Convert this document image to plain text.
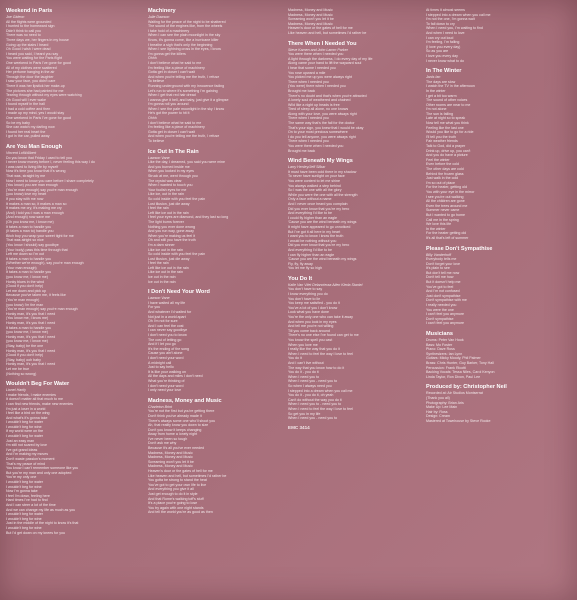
Weekend in Paris
Joe Gideon
All the flights were grounded
I hurried to the homeward sign
Didn't think to call you
There was no need to
Three days we, her fingers in my house
Going up the stairs I heard
Oh Good I wish I were dead
I heard you said, I heard you say
You were waiting for the Paris flight
One weekend in Paris I've gone for good
All of my clothes were scattered
Her perfume hanging in the air
Through the door the laughter
I saw your face, you didn't care
There it was her lipstick her make-up
The pictures she had painted for me
Tearing through without my eyes were watching
Oh Good will I ever wake
I found myself in the hall
I had a cold coffee and then
I made up my mind, yes I would stay
One weekend in Paris I've gone for good
So be my baby
She can watch my darling now
I found her real heart the
I got in the car, pulled away
Are You Man Enough
Vincent Lofit/Albert
Do you know that Friday I used to tell you
I never know money before I, never feeling this way I do
I was used to living life by myself
Now it's time you know that it's wrong
That was, straight by me
Now I need to know you care before I share completely
(You know) you are man enough
(You're man enough) say you're man enough
(you know) love my heart
If you stay with me now
It makes a man so, it makes a man so
It makes me cry, it's making me cry
(And) I told you I was a man enough
(And enough) now save me
(Oh you know me, I know me)
It takes a man to handle you
(It takes a man to) handle you
Bitch boy you wrap your sweet tight for me
That was alright so nice
(You know I should) say goodbye
(Your body) pass this time through that
Left me down so I'm out
It takes a man to handle you
(Whether we're enough), say you're man enough
(Your man enough)
It takes a man to handle you
(you know me, I know me)
Honky blues in the wind
(Good if you don't help)
Let me down and pick up
Because you've taken me, it feels like
(You're man enough)
(you know) I'm the man
(You're man enough) say you're man enough
Honky man, it's you that I need
(You know me, I know me)
Honky man, it's you that I need
It takes a man to handle you
(you know me, I know me)
Honky man, it's you that I need
(you know me, I know me)
(Stay, baby) be the one
Honky man, it's you that I need
(Good if you don't help)
(Stay, baby) ooh baby
Honky man, it's you that I need
Let me be true
(Nothing so wrong)
Wouldn't Beg For Water
Lionel Hartly
I make friends, I make enemies
It doesn't matter all that much to me
I can find new friends, make new enemies
I'm just a loser in a world
I feel like a bird on the wing
And what's it's gonna take
I wouldn't beg for water
I wouldn't beg for wine
If my world were on fire
I wouldn't beg for water
Just an easy man
I'm still not scared by love
I've got grand ideas
And I'm making my moves
Don't waste passion's moment
That's my peace of mind
You know I can't remember someone like you
But you're my man and only one adopted
You're my only one
I wouldn't beg for water
I wouldn't beg for wine
Now I'm gonna take
I feel I'm down, feeling here
Hard times I've had to find
And I can steer a lot of the time
And we can change my life as much as you
I wouldn't beg for water
I wouldn't beg for wine
Just in the middle of the night to know it's that
I wouldn't beg for wine
But I'd get down on my knees for you
Machinery
Julie Dawson
Waiting for the peace of the night to be shattered
The sound of the engines like, from the wheels
I take hold of a machinery
When I can see the plain moonlight in the sky
Know, it's gonna come, like a hurricane killer
I breathe a sigh that's only the beginning
When I see lightning cross in the eyes, I know
I'm gonna get the killers
Ohhh
I don't believe what he said to me
I'm feeling like a piece of machinery
Gotta get in closer I can't wait
And when you're telling me the truth, I refuse
To believe
Running underground with my innocence fading
Let's run to where it's something I'm gaining
When I get that red hair dread
I wanna give it hell, and baby, just give it a glimpse
I'm gonna roll you around
When I see the pale moonlight in the sky I know
He's got the power to hit it
Ohhh
I don't believe what he said to me
I'm feeling like a piece of machinery
Gotta get in closer I can't wait
And when you're telling me the truth, I refuse
To believe
Ice Out In The Rain
Lawson Vane
Like the day, I dreamed, you said you were mine
And you burned inside me
When you looked in my eyes
Struck at me, went through you
The crystal was clear
When I wanted to touch you
Your foolish eyes for me
Like ice, out in the rain
So cold inside with you feel the pain
Lost illusion, just die away
I feel the rain
Left like ice out in the rain
I feel your eyes are diamond, and they last so long
The light burns forever
Nothing you ever done wrong
And you run way, gone away
When you're making us feel it
Oh and still you have the truth
I'm a darn sinner
Like ice out in the rain
So cold inside with you feel the pain
Lost illusion, just die away
I feel the rain
Left like ice out in the rain
Like ice out in the rain
Ice out in the rain
Ice out in the rain
I Don't Need Your Word
Lawson Vane
I have waited all my life
For you
And whatever I'd waited for
Not just in a world apart
Oh I'm not for sure
And I can feel the cost
I can never say goodbye
I don't need you to know
The cost of letting go
And if I let you go
It's the ending of the song
Cause you ain't alone
I don't need your word
A midnight call
Just to say hello
It is like your walking on
All the days and miles I don't need
What you're thinking of
I don't need your word
I only need your love
Madness, Money and Music
Charleton Brint
You're not the first but you're getting there
Don't think you've already made it
There's always some one who'll shoot you
Ah, that reality know you down to size
Don't you know it keeps changing
Away from home a lonely night
I've never been so tough
Don't ask me why
Because it's all you've ever needed
Madness, Money and Music
Madness, Money and Music
Screaming won't you let it be
Madness, Money and Music
Heaven's door or the gates of hell for me
Like heaven and hell, but sometimes I'd rather be
You gotta be strong to stand the heat
You've got to get your own life to live
And everything you give it all
Just get enough to do it in style
And that Rome's walking toff's stuff
It's a place you're going to lose
You try again with one night stands
And tell the world you're as good as then
Madness, Money and Music
Madness, Money and Music
Screaming won't you let it be
Madness, Money and Music
Heaven's door or the gates of hell for me
Like heaven and hell, but sometimes I'd rather be
There When I Needed You
Steve Kamen and John Lamm Parker
You were there when I needed you
A light through the darkness, I do every day of my life
Along came your hand to lift the wayward soul
I hear that some I needed you
You rose upward a mile
You picked me up you were always right
There when I needed you
(You were) there when I needed you
Brought me back
There's no doubt and that's when you're attracted
A lonely soul of weathered and chained
Wild like a night up heads is free
Tired of sleep all alone, no one knows
Along with your love, you were always right
There when I needed you
The same way that's the fall for the doctor
That's your sign, you knew that I would be okay
On to your most precious somewhere
I do you tell anyone, you were always right
There when I needed you
You were there when I needed you
Brought me back
Wind Beneath My Wings
Larry Henley/Jeff Silbar
It must have been cold there in my shadow
To never have sunlight on your face
You were content to let me shine
You always walked a step behind
So I was the one with all the glory
While you were the one with all the strength
Only a face without a name
And I never once heard you complain
Did you ever know that you're my hero
And everything I'd like to be
I could fly higher than an eagle
'Cause you are the wind beneath my wings
It might have appeared to go unnoticed
But I've got it all here in my heart
I want you to know I know the truth
I would be nothing without you
Did you ever know that you're my hero
And everything I'd like to be
I can fly higher than an eagle
'Cause you are the wind beneath my wings
Fly, fly, fly away
You let me fly so high
You Do It
Kalle Van Vliet Delancieraa Allen Kleda Staniel
You don't have to say
I know everything you do
You don't have to lie
You keep me satisfied - you do it
You've a lot of you I don't know
Look what you have done
You're the only one who can take it away
And when you look in my eyes
And tell me you're not willing
Till you come back around
There's no one else I've found can get to me
You know the spell you cast
When you love me
I really like the way that you do it
When I need to feel the way I love to feel
You do it
And I can't live without
The way that you know how to do it
You do it - you do it
When I need you to
When I need you - need you to
So when I always need you
I stepped into a dream when you call me
You do it - you do it, oh yeah
Can't do without the way you do it
When I need you to - need you to
When I need to feel the way I love to feel
So get you in my life
When I need you - need you to
EMC 3414
At times it almost seems
I stepped into a dream when you call me
I'm not the one, I'm gonna wait
To fall down to cry
When I need you, I'm waiting to find
And when I need to love
I can cry out loud
I'm feeling, I'm falling
(I love you every day)
So as you are
I love you every day
I never know what to do
In The Winter
Janis Ian
The days are slow
I watch the TV in the afternoon
In the winter
I get a bit too warm
The sound of other voices
Other rooms are near to me
I'm not alone
The sun is falling
Late at night so to speak
Now tell me what you think
Feeling like the last one
Would you like to go for a ride
I'll tell you the truth
Fair weather friends
Talk to God, did a prayer
Drink up, drive up, you can't
And you do have a picture
Feel the winter
Even before the cold
The other days are cold
Behind the frozen glass
Just walk in the cold
I'm so out of place
For the heater, getting old
You with your eye in the mirror
I see you're out walking
All the children are gone
Even the trees around me
Summer never came
But I wanted to go home
Call me in the spring
We love this life
In the winter
For the heater getting old
It's all that's left of summer
Please Don't Sympathise
Billy Vanderhoff
Everybody tells me
Don't forget your love
It's plain to see
But don't tell me now
Don't tell me how
But it doesn't help me
You've got to feel
And I'm not confused
Just don't sympathise
Don't sympathise with me
I really needed you
You were the one
I can't feel you anymore
Don't sympathise
I can't feel you anymore
Musicians
Drums: Peter Van Hook
Bass: Mo Foster
Piano: Dave Ross
Synthesizers: Ian Lynn
Guitars: Micky Moody, Phil Palmer
Brass: Chris Hunter, Guy Barker, Tony Hall
Percussion: Frank Ricotti
Backing Vocals: Tessa Niles, Carol Kenyon
Linda Taylor, Ron Dixon, Paul Lee
Produced by: Christopher Neil
Recorded at: Air Studios Montserrat
(Thank you all)
Photography: Brian Aris
Make Up: Lee Main
Hair by: Ross
Design: Cream
Mastered at Townhouse by Steve Rooke
